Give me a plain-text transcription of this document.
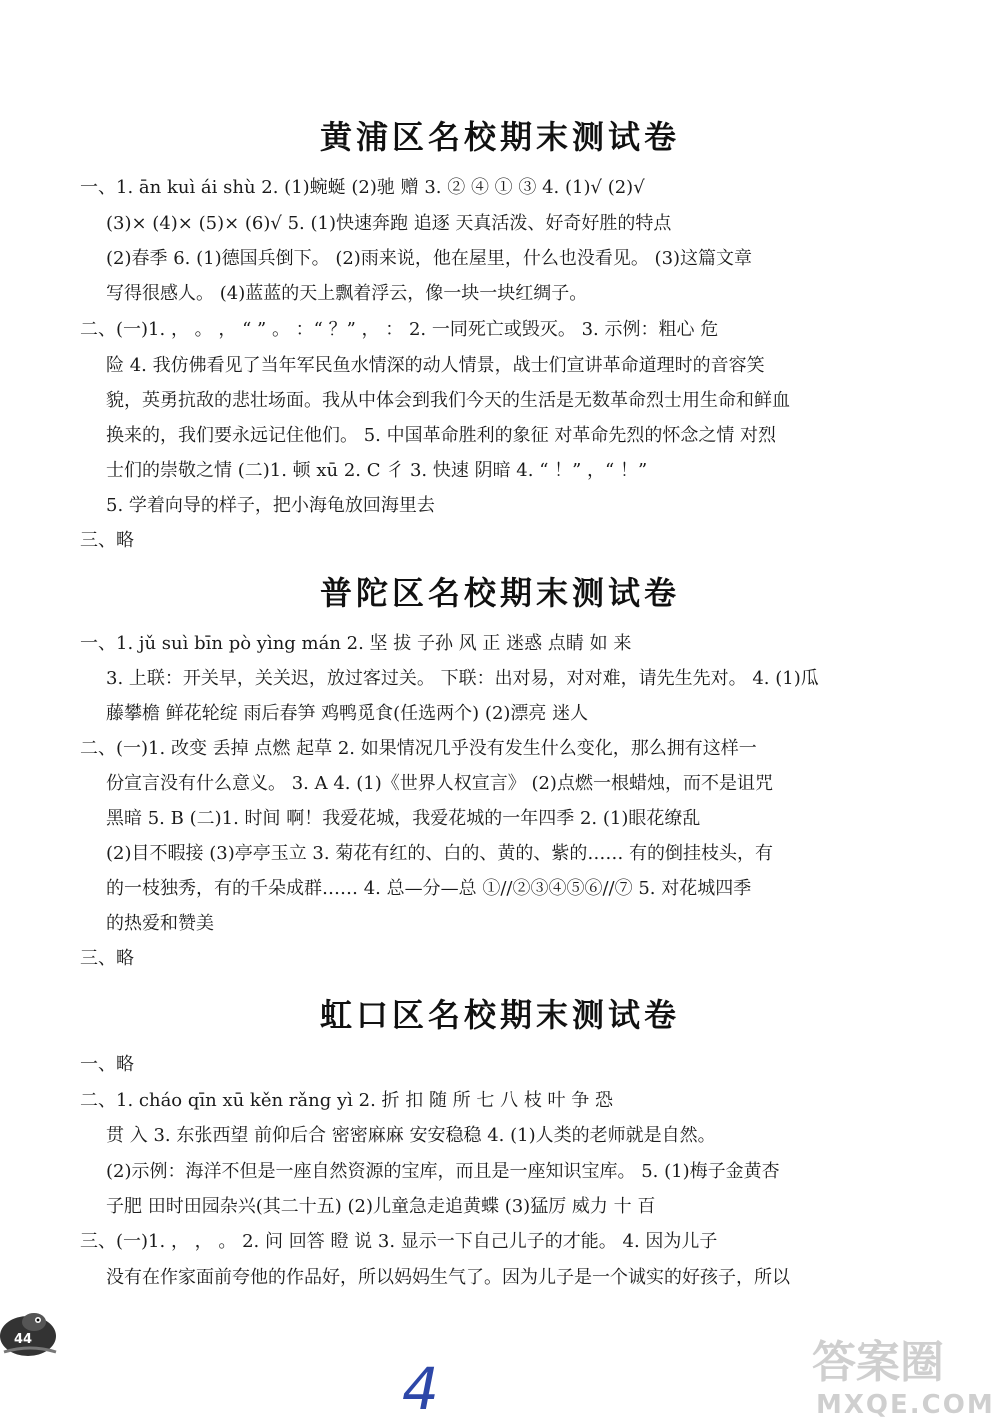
黄浦区名校期末测试卷

一、1. ān kuì ái shù 2. (1)蜿蜒 (2)驰 赠 3. ② ④ ① ③ 4. (1)√ (2)√

(3)× (4)× (5)× (6)√ 5. (1)快速奔跑 追逐 天真活泼、好奇好胜的特点

(2)春季 6. (1)德国兵倒下。 (2)雨来说，他在屋里，什么也没看见。 (3)这篇文章

写得很感人。 (4)蓝蓝的天上飘着浮云，像一块一块红绸子。

二、(一)1. ， 。 ， “ ” 。 ：“ ？” ， ： 2. 一同死亡或毁灭。 3. 示例：粗心 危

险 4. 我仿佛看见了当年军民鱼水情深的动人情景，战士们宣讲革命道理时的音容笑

貌，英勇抗敌的悲壮场面。我从中体会到我们今天的生活是无数革命烈士用生命和鲜血

换来的，我们要永远记住他们。 5. 中国革命胜利的象征 对革命先烈的怀念之情 对烈

士们的崇敬之情 (二)1. 顿 xū 2. C 彳 3. 快速 阴暗 4. “ ！” ，“ ！”

5. 学着向导的样子，把小海龟放回海里去

三、略

普陀区名校期末测试卷

一、1. jǔ suì bīn pò yìng mán 2. 坚 拔 子孙 风 正 迷惑 点睛 如 来

3. 上联：开关早，关关迟，放过客过关。 下联：出对易，对对难，请先生先对。 4. (1)瓜

藤攀檐 鲜花轮绽 雨后春笋 鸡鸭觅食(任选两个) (2)漂亮 迷人

二、(一)1. 改变 丢掉 点燃 起草 2. 如果情况几乎没有发生什么变化，那么拥有这样一

份宣言没有什么意义。 3. A 4. (1)《世界人权宣言》 (2)点燃一根蜡烛，而不是诅咒

黑暗 5. B (二)1. 时间 啊！我爱花城，我爱花城的一年四季 2. (1)眼花缭乱

(2)目不暇接 (3)亭亭玉立 3. 菊花有红的、白的、黄的、紫的…… 有的倒挂枝头，有

的一枝独秀，有的千朵成群…… 4. 总—分—总 ①//②③④⑤⑥//⑦ 5. 对花城四季

的热爱和赞美

三、略

虹口区名校期末测试卷

一、略

二、1. cháo qīn xū kěn rǎng yì 2. 折 扣 随 所 七 八 枝 叶 争 恐

贯 入 3. 东张西望 前仰后合 密密麻麻 安安稳稳 4. (1)人类的老师就是自然。

(2)示例：海洋不但是一座自然资源的宝库，而且是一座知识宝库。 5. (1)梅子金黄杏

子肥 田时田园杂兴(其二十五) (2)儿童急走追黄蝶 (3)猛厉 威力 十 百

三、(一)1. ， ， 。 2. 问 回答 瞪 说 3. 显示一下自己儿子的才能。 4. 因为儿子

没有在作家面前夸他的作品好，所以妈妈生气了。因为儿子是一个诚实的好孩子，所以

44
4	答案圈
MXQE.COM
